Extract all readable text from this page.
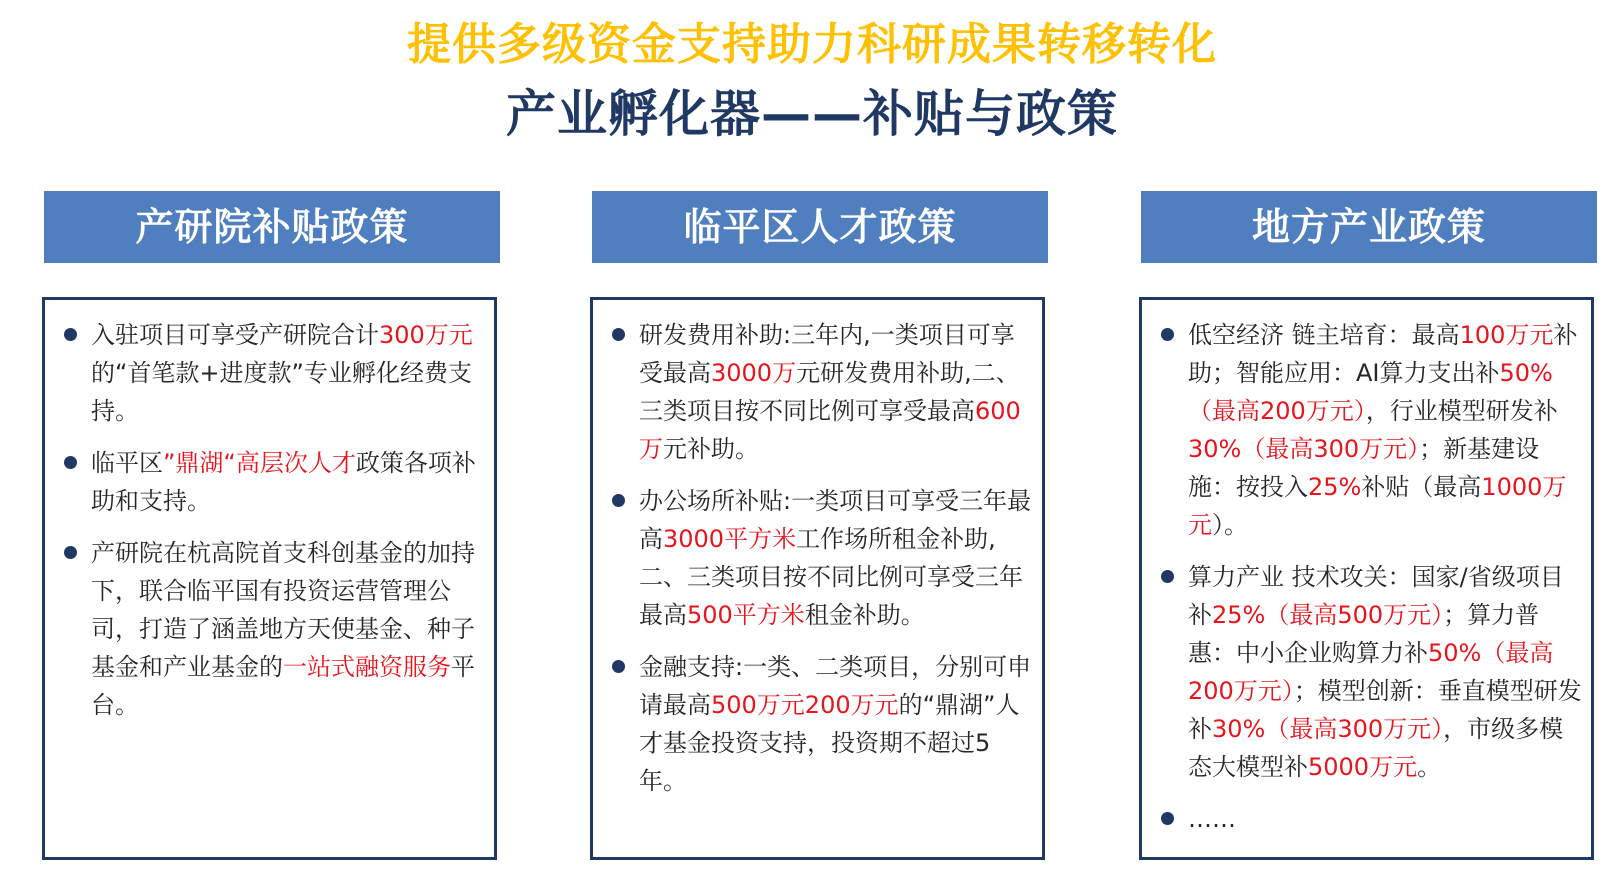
提供多级资金支持助力科研成果转移转化
产业孵化器——补贴与政策
产研院补贴政策
入驻项目可享受产研院合计300万元的“首笔款+进度款”专业孵化经费支持。
临平区”鼎湖“高层次人才政策各项补助和支持。
产研院在杭高院首支科创基金的加持下，联合临平国有投资运营管理公司，打造了涵盖地方天使基金、种子基金和产业基金的一站式融资服务平台。
临平区人才政策
研发费用补助:三年内,一类项目可享受最高3000万元研发费用补助,二、三类项目按不同比例可享受最高600万元补助。
办公场所补贴:一类项目可享受三年最高3000平方米工作场所租金补助,二、三类项目按不同比例可享受三年最高500平方米租金补助。
金融支持:一类、二类项目，分别可申请最高500万元200万元的“鼎湖”人才基金投资支持，投资期不超过5年。
地方产业政策
低空经济 链主培育：最高100万元补助；智能应用：AI算力支出补50%（最高200万元），行业模型研发补30%（最高300万元）；新基建设施：按投入25%补贴（最高1000万元）。
算力产业 技术攻关：国家/省级项目补25%（最高500万元）；算力普惠：中小企业购算力补50%（最高200万元）；模型创新：垂直模型研发补30%（最高300万元），市级多模态大模型补5000万元。
……
